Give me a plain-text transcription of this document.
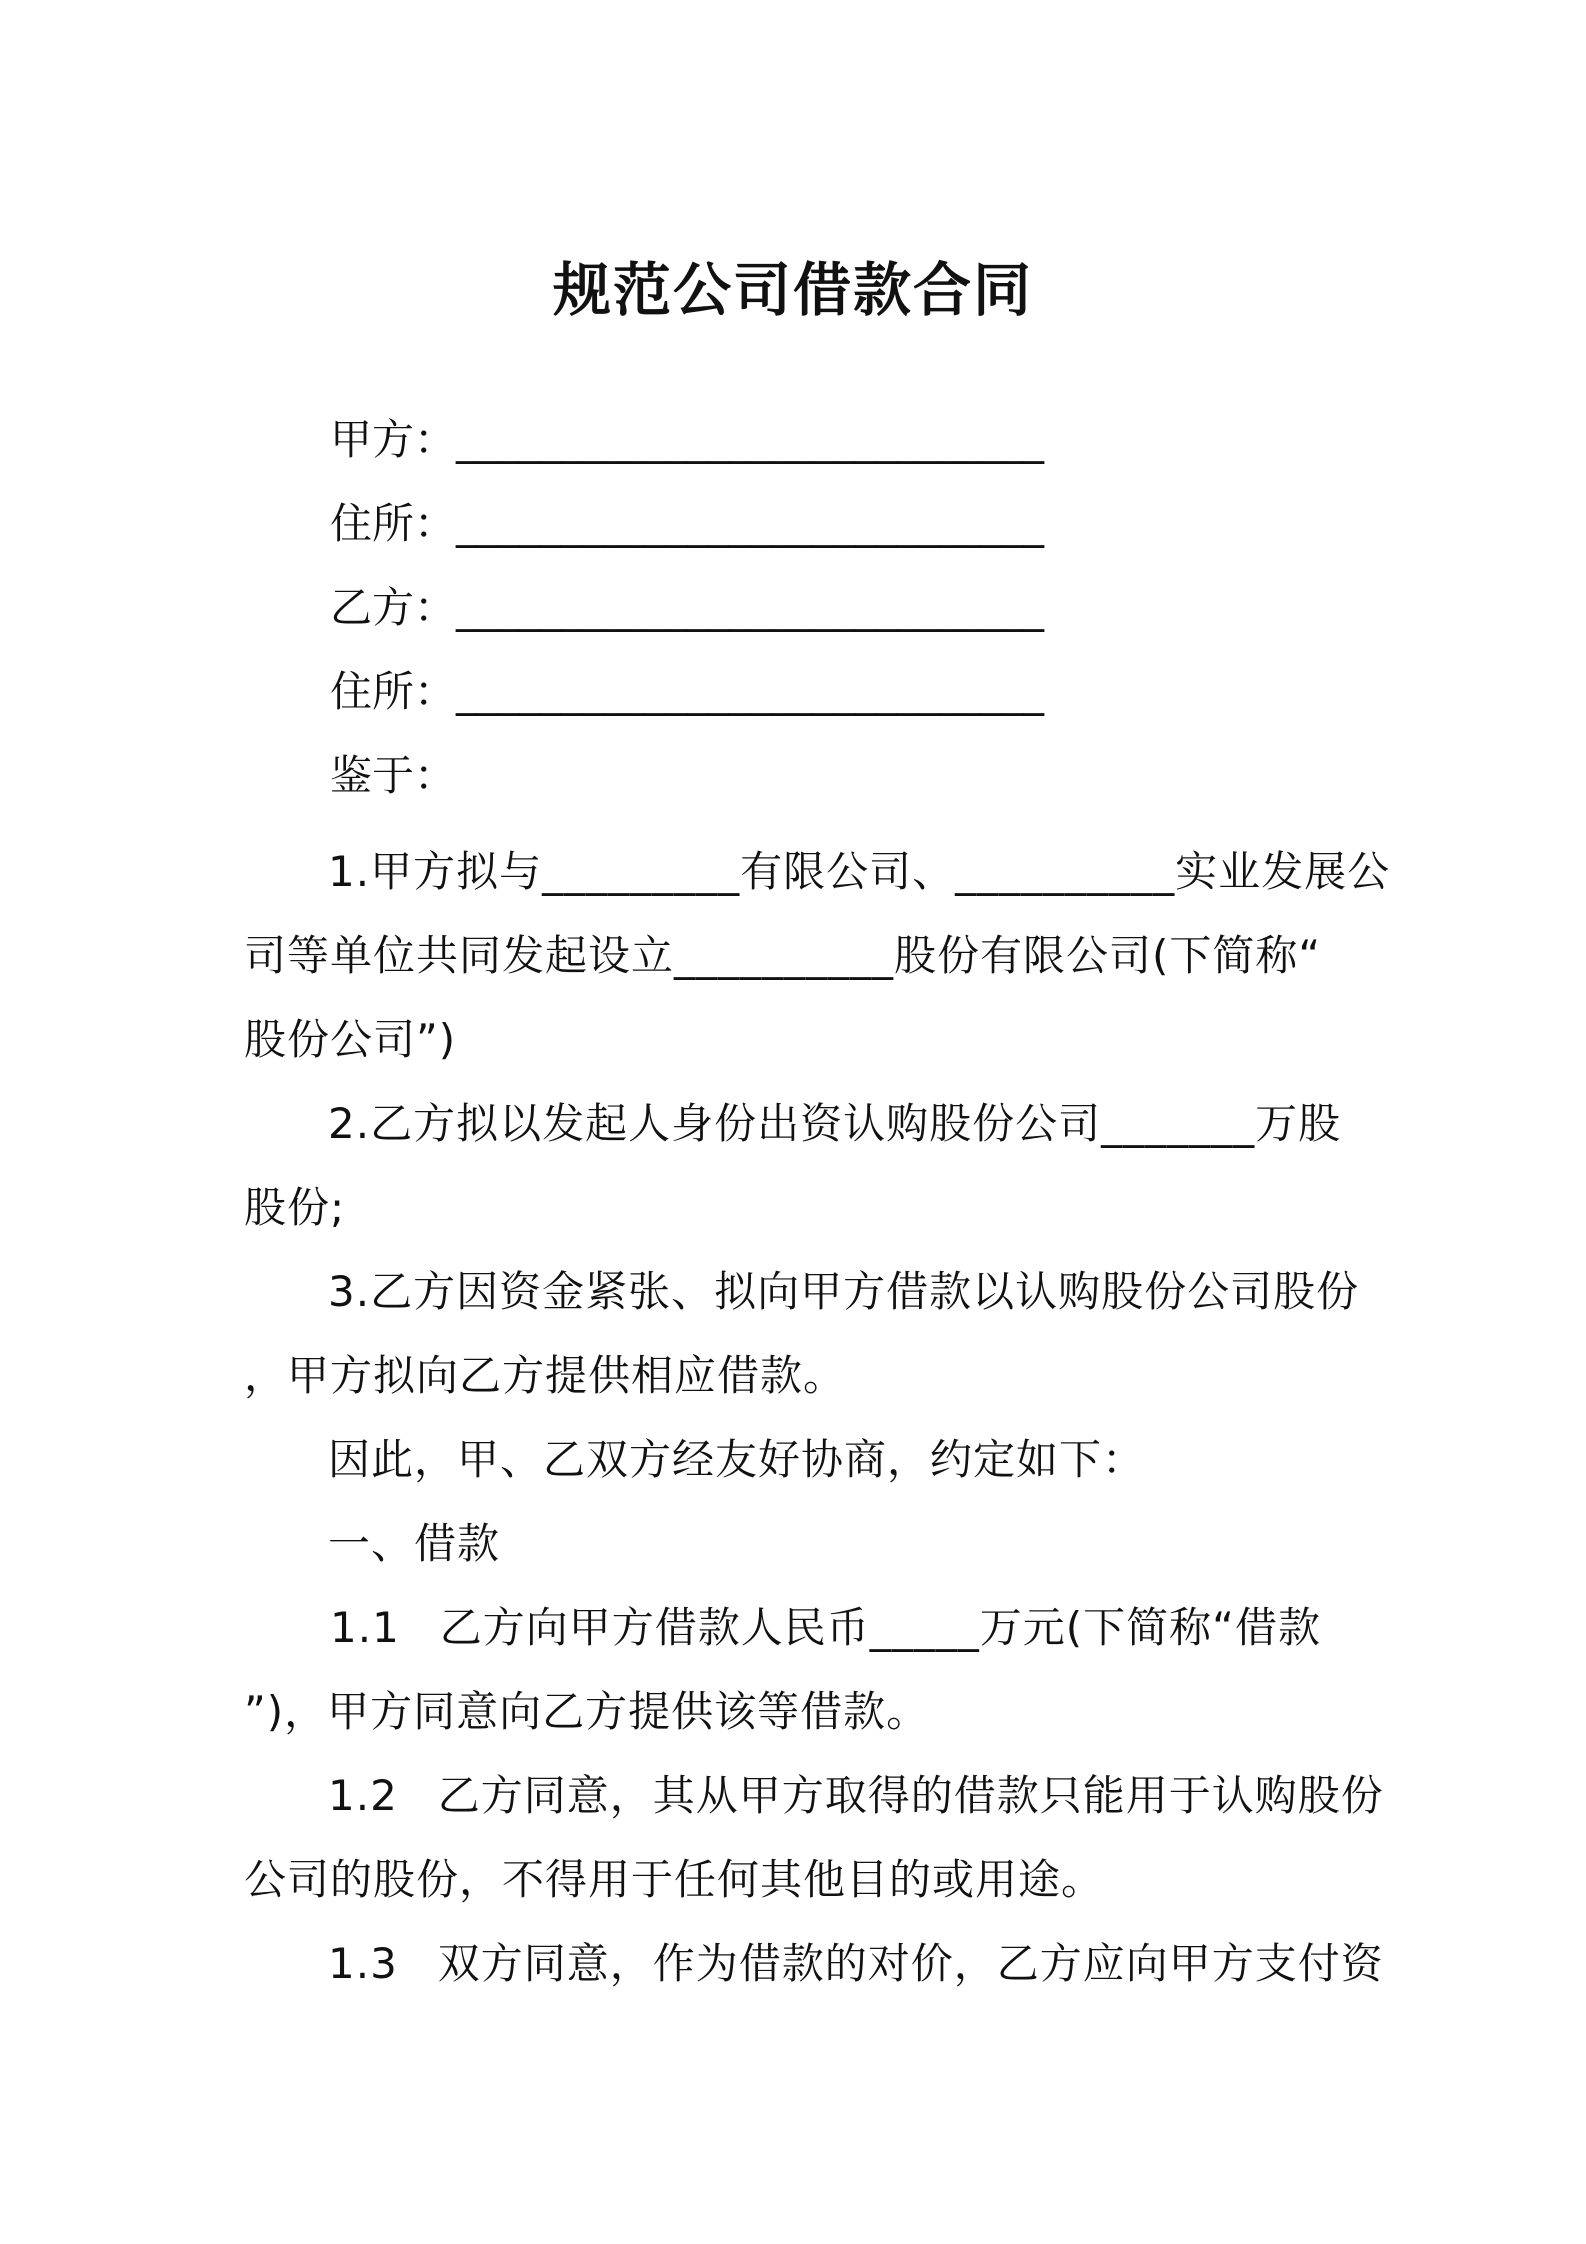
规范公司借款合同
甲方：____________________________
住所：____________________________
乙方：____________________________
住所：____________________________
鉴于：
1.甲方拟与_________有限公司、__________实业发展公
司等单位共同发起设立__________股份有限公司(下简称“
股份公司”)
2.乙方拟以发起人身份出资认购股份公司_______万股
股份;
3.乙方因资金紧张、拟向甲方借款以认购股份公司股份
，甲方拟向乙方提供相应借款。
因此，甲、乙双方经友好协商，约定如下：
一、借款
1.1 乙方向甲方借款人民币_____万元(下简称“借款
”)，甲方同意向乙方提供该等借款。
1.2 乙方同意，其从甲方取得的借款只能用于认购股份
公司的股份，不得用于任何其他目的或用途。
1.3 双方同意，作为借款的对价，乙方应向甲方支付资
